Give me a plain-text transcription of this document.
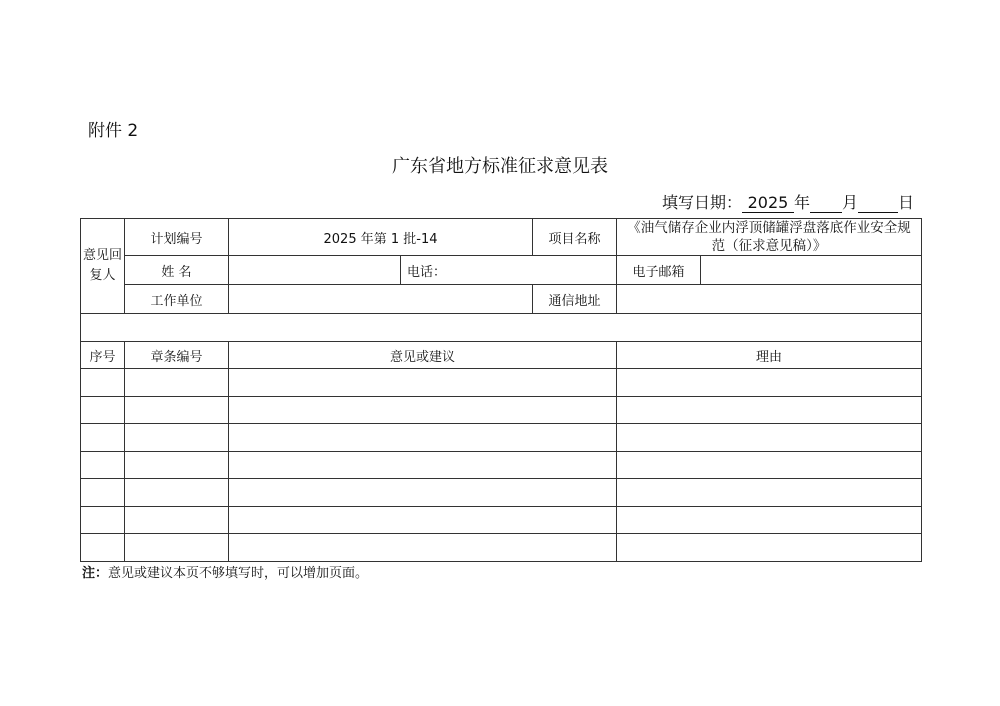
附件 2
广东省地方标准征求意见表
填写日期： 2025 年 月	日
意见回复人	计划编号	2025 年第 1 批-14		项目名称	《油气储存企业内浮顶储罐浮盘落底作业安全规范（征求意见稿）》	
	姓 名		电话：		电子邮箱	
	工作单位			通信地址		

序号	章条编号	意见或建议			理由	

注：意见或建议本页不够填写时，可以增加页面。
